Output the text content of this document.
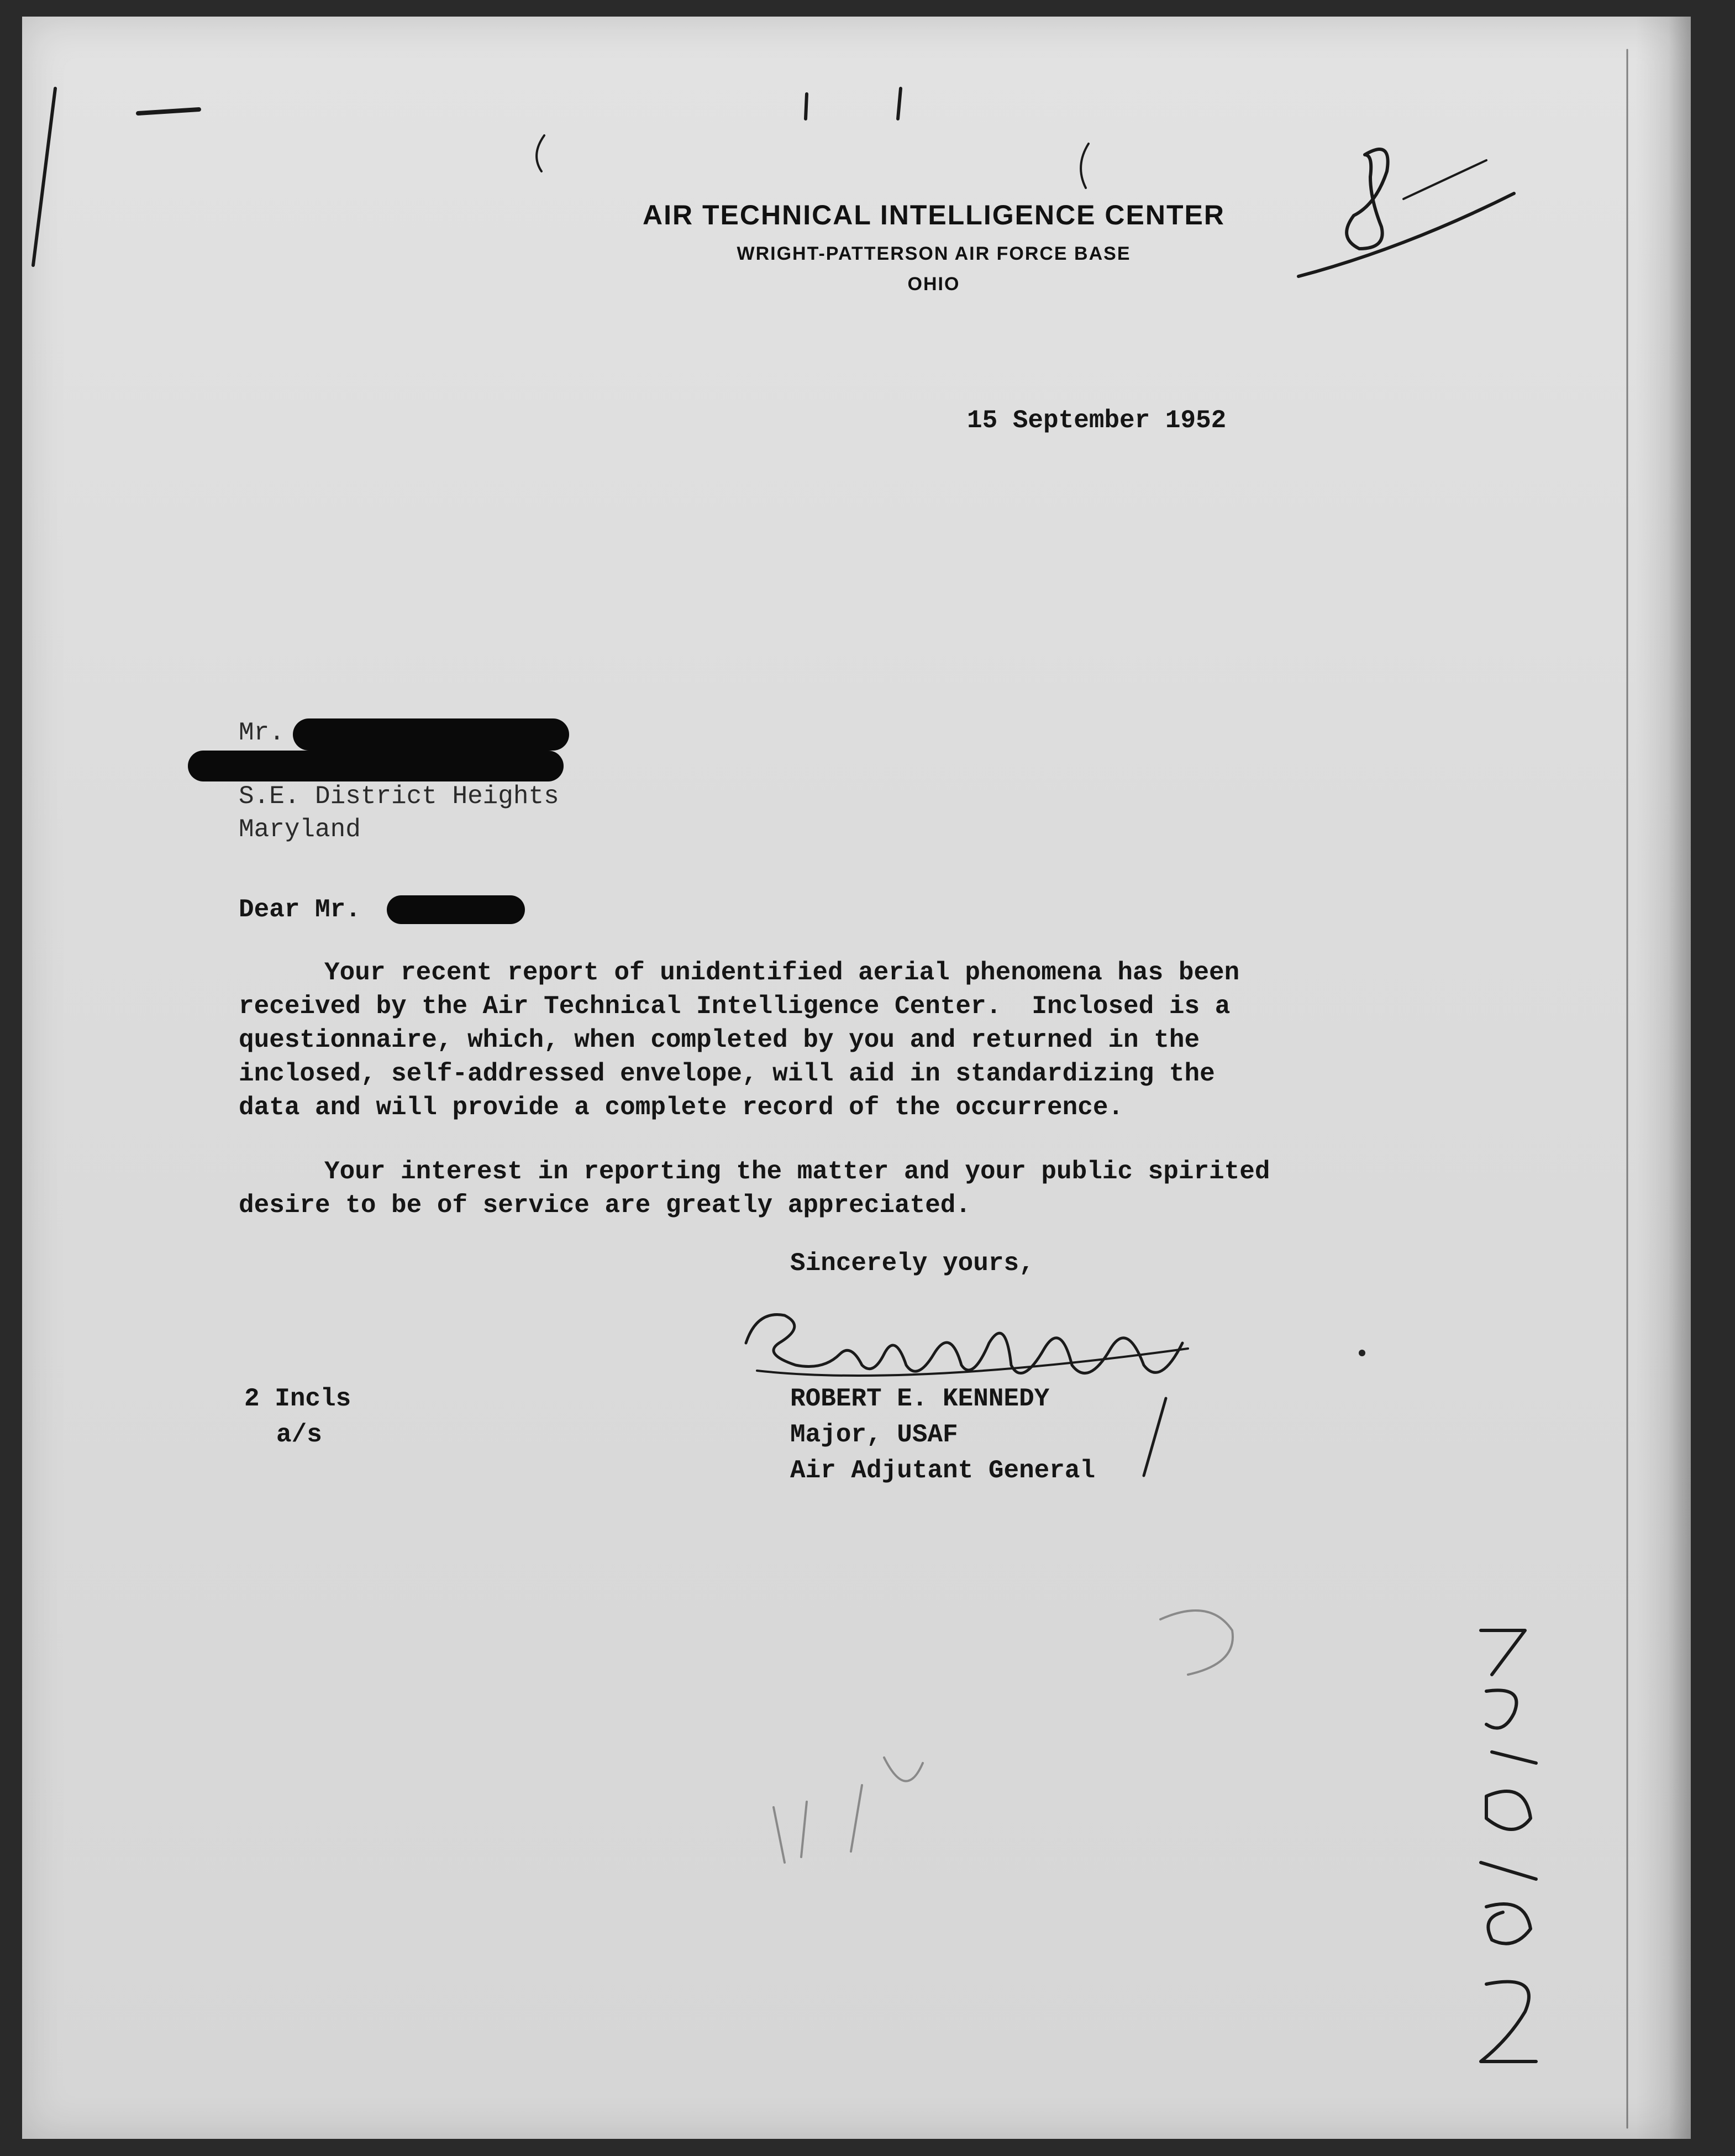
AIR TECHNICAL INTELLIGENCE CENTER
WRIGHT-PATTERSON AIR FORCE BASE
OHIO
15 September 1952
Mr.
S.E. District Heights
Maryland
Dear Mr.
Your recent report of unidentified aerial phenomena has been
received by the Air Technical Intelligence Center.  Inclosed is a
questionnaire, which, when completed by you and returned in the
inclosed, self-addressed envelope, will aid in standardizing the
data and will provide a complete record of the occurrence.
Your interest in reporting the matter and your public spirited
desire to be of service are greatly appreciated.
Sincerely yours,
ROBERT E. KENNEDY
Major, USAF
Air Adjutant General
2 Incls
a/s
